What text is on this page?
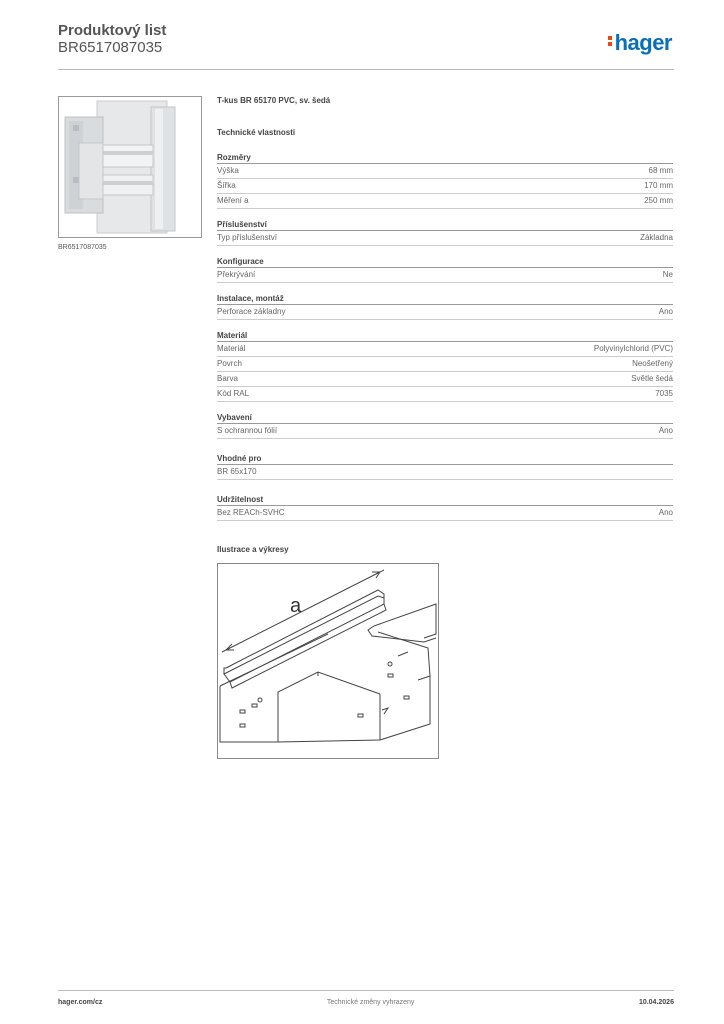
Produktový list
BR6517087035	hager
BR6517087035
T-kus BR 65170 PVC, sv. šedá
Technické vlastnosti
Rozměry
Výška	68 mm
Šířka	170 mm
Měření a	250 mm
Příslušenství
Typ příslušenství	Základna
Konfigurace
Překrývání	Ne
Instalace, montáž
Perforace základny	Ano
Materiál
Materiál	Polyvinylchlorid (PVC)
Povrch	Neošetřený
Barva	Světle šedá
Kód RAL	7035
Vybavení
S ochrannou fólií	Ano
Vhodné pro
BR 65x170
Udržitelnost
Bez REACh-SVHC	Ano
Ilustrace a výkresy
a
hager.com/cz	Technické změny vyhrazeny	10.04.2026
